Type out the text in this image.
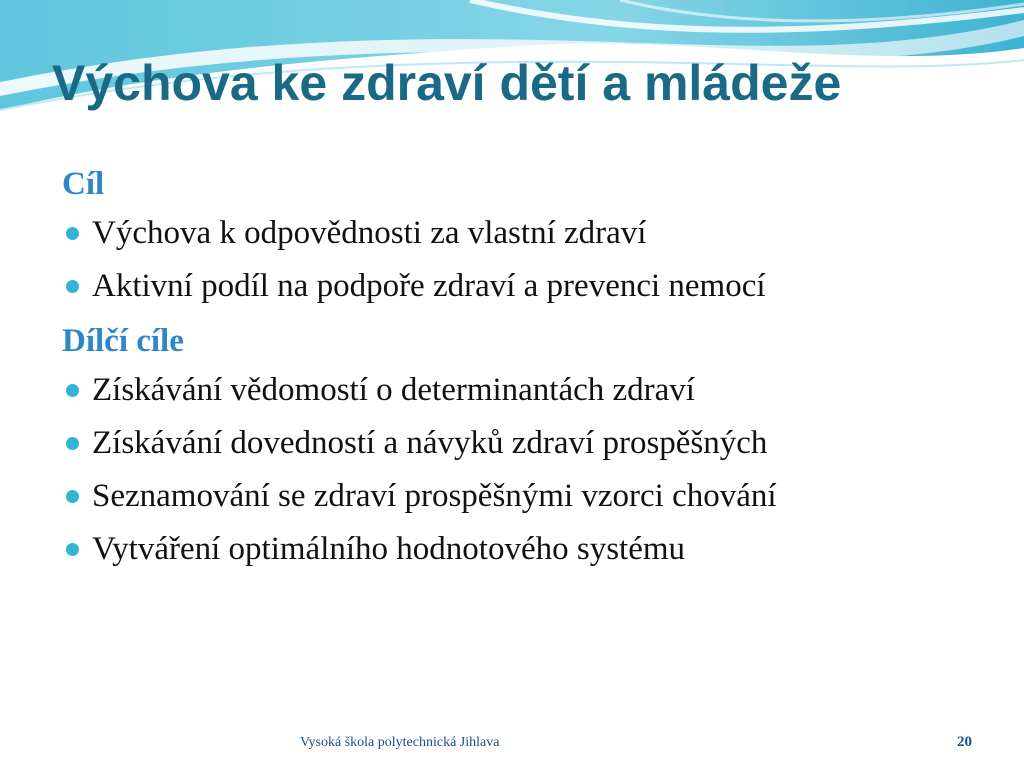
Výchova ke zdraví dětí a mládeže
Cíl
Výchova k odpovědnosti za vlastní zdraví
Aktivní podíl na podpoře zdraví a prevenci nemocí
Dílčí cíle
Získávání vědomostí o determinantách zdraví
Získávání dovedností a návyků zdraví prospěšných
Seznamování se zdraví prospěšnými vzorci chování
Vytváření optimálního hodnotového systému
Vysoká škola polytechnická Jihlava	20
